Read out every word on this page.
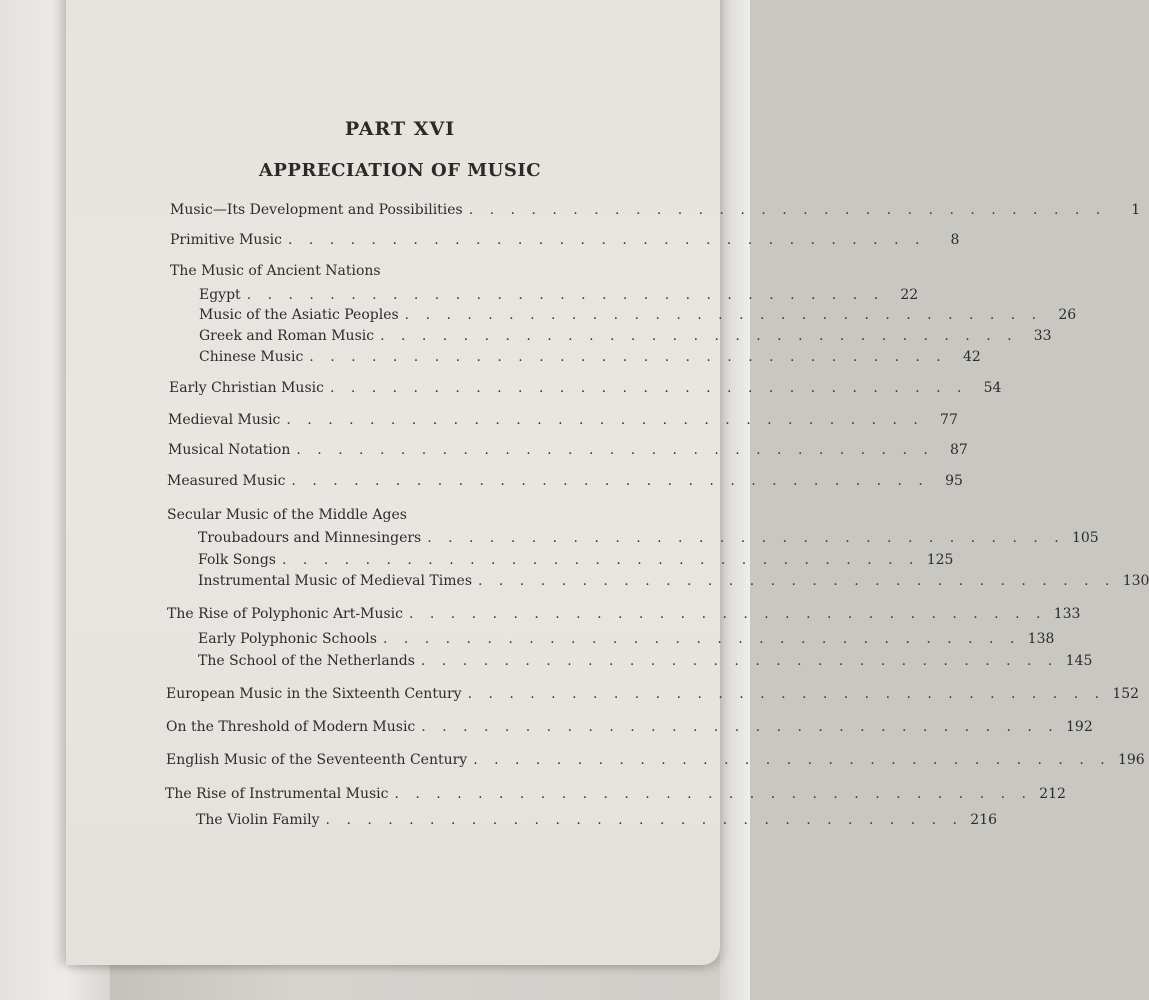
PART XVI
APPRECIATION OF MUSIC
Music—Its Development and Possibilities . . . . . . . . . . . . . . . . . . . . . . . . . . . . . . .	1
Primitive Music . . . . . . . . . . . . . . . . . . . . . . . . . . . . . . .	8
The Music of Ancient Nations
Egypt . . . . . . . . . . . . . . . . . . . . . . . . . . . . . . .	22
Music of the Asiatic Peoples . . . . . . . . . . . . . . . . . . . . . . . . . . . . . . .	26
Greek and Roman Music . . . . . . . . . . . . . . . . . . . . . . . . . . . . . . .	33
Chinese Music . . . . . . . . . . . . . . . . . . . . . . . . . . . . . . .	42
Early Christian Music . . . . . . . . . . . . . . . . . . . . . . . . . . . . . . .	54
Medieval Music . . . . . . . . . . . . . . . . . . . . . . . . . . . . . . .	77
Musical Notation . . . . . . . . . . . . . . . . . . . . . . . . . . . . . . .	87
Measured Music . . . . . . . . . . . . . . . . . . . . . . . . . . . . . . .	95
Secular Music of the Middle Ages
Troubadours and Minnesingers . . . . . . . . . . . . . . . . . . . . . . . . . . . . . . . 105
Folk Songs . . . . . . . . . . . . . . . . . . . . . . . . . . . . . . . 125
Instrumental Music of Medieval Times . . . . . . . . . . . . . . . . . . . . . . . . . . . . . . . 130
The Rise of Polyphonic Art-Music . . . . . . . . . . . . . . . . . . . . . . . . . . . . . . . 133
Early Polyphonic Schools . . . . . . . . . . . . . . . . . . . . . . . . . . . . . . . 138
The School of the Netherlands . . . . . . . . . . . . . . . . . . . . . . . . . . . . . . . 145
European Music in the Sixteenth Century . . . . . . . . . . . . . . . . . . . . . . . . . . . . . . . 152
On the Threshold of Modern Music . . . . . . . . . . . . . . . . . . . . . . . . . . . . . . . 192
English Music of the Seventeenth Century . . . . . . . . . . . . . . . . . . . . . . . . . . . . . . . 196
The Rise of Instrumental Music . . . . . . . . . . . . . . . . . . . . . . . . . . . . . . . 212
The Violin Family . . . . . . . . . . . . . . . . . . . . . . . . . . . . . . . 216
